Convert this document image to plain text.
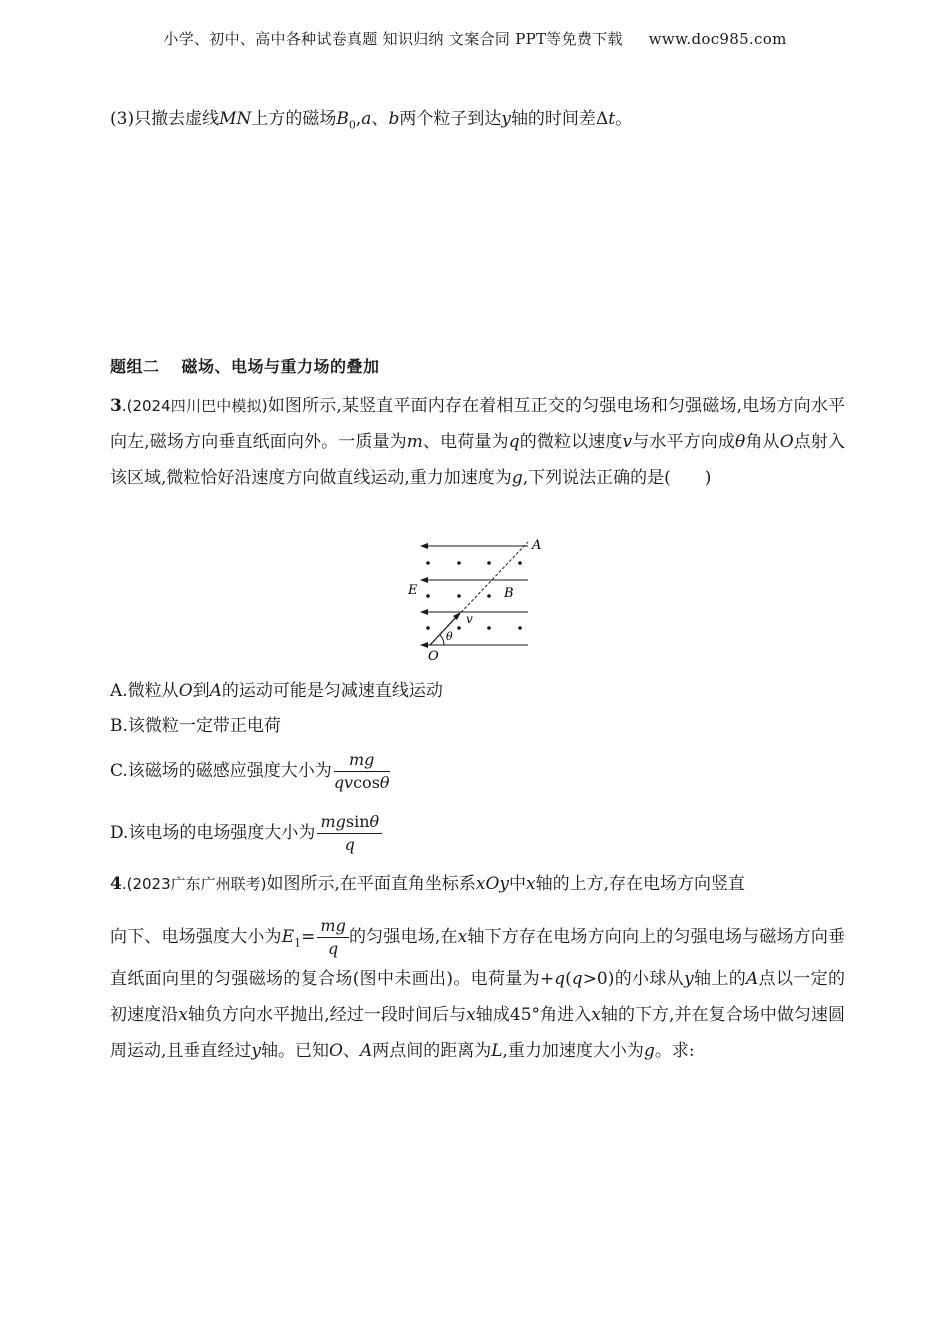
小学、初中、高中各种试卷真题 知识归纳 文案合同 PPT等免费下载 www.doc985.com
(3)只撤去虚线MN上方的磁场$B_0,a$、b两个粒子到达y轴的时间差Δt。
题组二 磁场、电场与重力场的叠加
3.(2024四川巴中模拟)如图所示,某竖直平面内存在着相互正交的匀强电场和匀强磁场,电场方向水平向左,磁场方向垂直纸面向外。一质量为m、电荷量为q的微粒以速度v与水平方向成θ角从O点射入该区域,微粒恰好沿速度方向做直线运动,重力加速度为g,下列说法正确的是(　　)
A
E	B
v
θ
O
A.微粒从O到A的运动可能是匀减速直线运动
B.该微粒一定带正电荷
C.该磁场的磁感应强度大小为 $\frac{mg}{qvcos\theta}$
D.该电场的电场强度大小为 $\frac{mgsin\theta}{q}$
4.(2023广东广州联考)如图所示,在平面直角坐标系xOy中x轴的上方,存在电场方向竖直
向下、电场强度大小为$E_1= \frac{mg}{q}$ 的匀强电场,在x轴下方存在电场方向向上的匀强电场与磁场方向垂直纸面向里的匀强磁场的复合场(图中未画出)。电荷量为+q(q>0)的小球从y轴上的A点以一定的初速度沿x轴负方向水平抛出,经过一段时间后与x轴成45°角进入x轴的下方,并在复合场中做匀速圆周运动,且垂直经过y轴。已知O、A两点间的距离为L,重力加速度大小为g。求:
